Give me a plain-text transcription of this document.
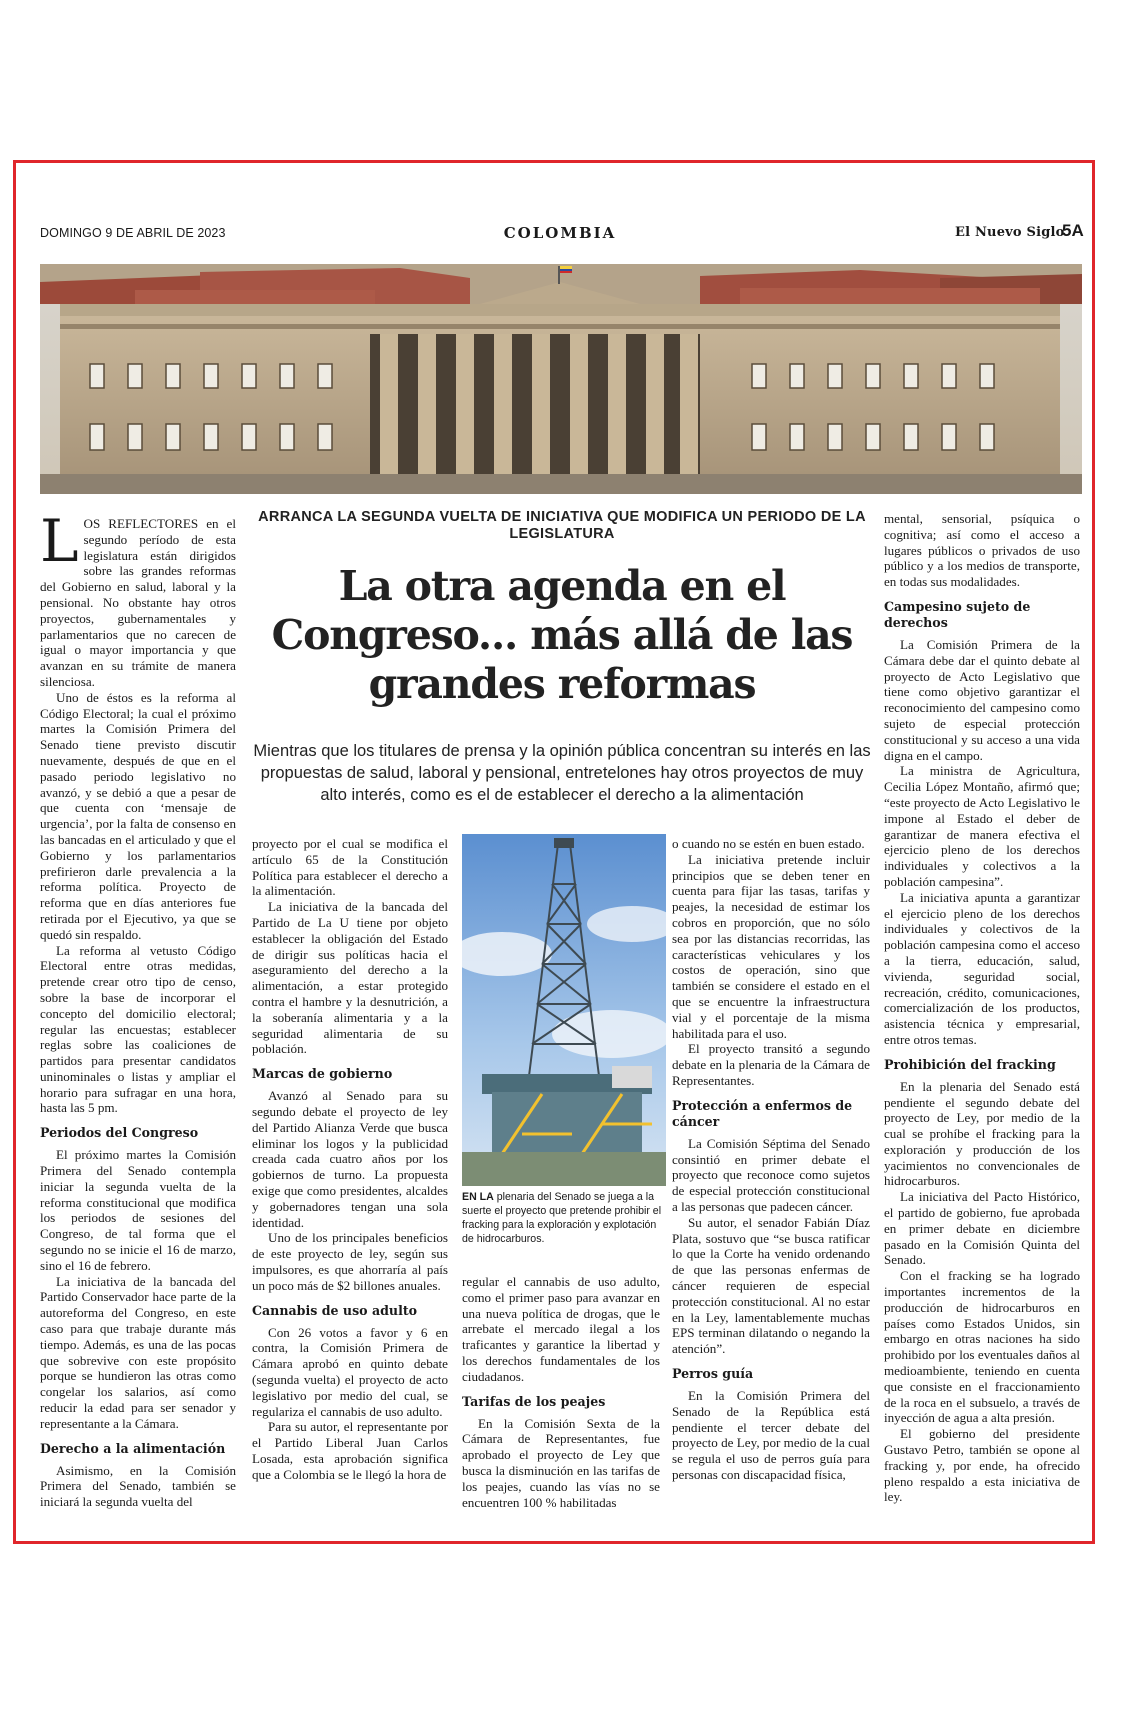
DOMINGO 9 DE ABRIL DE 2023	COLOMBIA	El Nuevo Siglo
5A

LOS REFLECTORES en el segundo período de esta legislatura están dirigidos sobre las grandes reformas del Gobierno en salud, laboral y la pensional. No obstante hay otros proyectos, gubernamentales y parlamentarios que no carecen de igual o mayor importancia y que avanzan en su trámite de manera silenciosa.

Uno de éstos es la reforma al Código Electoral; la cual el próximo martes la Comisión Primera del Senado tiene previsto discutir nuevamente, después de que en el pasado periodo legislativo no avanzó, y se debió a que a pesar de que cuenta con ‘mensaje de urgencia’, por la falta de consenso en las bancadas en el articulado y que el Gobierno y los parlamentarios prefirieron darle prevalencia a la reforma política. Proyecto de reforma que en días anteriores fue retirada por el Ejecutivo, ya que se quedó sin respaldo.

La reforma al vetusto Código Electoral entre otras medidas, pretende crear otro tipo de censo, sobre la base de incorporar el concepto del domicilio electoral; regular las encuestas; establecer reglas sobre las coaliciones de partidos para presentar candidatos uninominales o listas y ampliar el horario para sufragar en una hora, hasta las 5 pm.

Periodos del Congreso

El próximo martes la Comisión Primera del Senado contempla iniciar la segunda vuelta de la reforma constitucional que modifica los periodos de sesiones del Congreso, de tal forma que el segundo no se inicie el 16 de marzo, sino el 16 de febrero.

La iniciativa de la bancada del Partido Conservador hace parte de la autoreforma del Congreso, en este caso para que trabaje durante más tiempo. Además, es una de las pocas que sobrevive con este propósito porque se hundieron las otras como congelar los salarios, así como reducir la edad para ser senador y representante a la Cámara.

Derecho a la alimentación

Asimismo, en la Comisión Primera del Senado, también se iniciará la segunda vuelta del

ARRANCA LA SEGUNDA VUELTA DE INICIATIVA QUE MODIFICA UN PERIODO DE LA LEGISLATURA
La otra agenda en el Congreso... más allá de las grandes reformas
Mientras que los titulares de prensa y la opinión pública concentran su interés en las propuestas de salud, laboral y pensional, entretelones hay otros proyectos de muy alto interés, como es el de establecer el derecho a la alimentación

proyecto por el cual se modifica el artículo 65 de la Constitución Política para establecer el derecho a la alimentación.

La iniciativa de la bancada del Partido de La U tiene por objeto establecer la obligación del Estado de dirigir sus políticas hacia el aseguramiento del derecho a la alimentación, a estar protegido contra el hambre y la desnutrición, a la soberanía alimentaria y a la seguridad alimentaria de su población.

Marcas de gobierno

Avanzó al Senado para su segundo debate el proyecto de ley del Partido Alianza Verde que busca eliminar los logos y la publicidad creada cada cuatro años por los gobiernos de turno. La propuesta exige que como presidentes, alcaldes y gobernadores tengan una sola identidad.

Uno de los principales beneficios de este proyecto de ley, según sus impulsores, es que ahorraría al país un poco más de $2 billones anuales.

Cannabis de uso adulto

Con 26 votos a favor y 6 en contra, la Comisión Primera de Cámara aprobó en quinto debate (segunda vuelta) el proyecto de acto legislativo por medio del cual, se regulariza el cannabis de uso adulto.

Para su autor, el representante por el Partido Liberal Juan Carlos Losada, esta aprobación significa que a Colombia se le llegó la hora de

EN LA plenaria del Senado se juega a la suerte el proyecto que pretende prohibir el fracking para la exploración y explotación de hidrocarburos.

regular el cannabis de uso adulto, como el primer paso para avanzar en una nueva política de drogas, que le arrebate el mercado ilegal a los traficantes y garantice la libertad y los derechos fundamentales de los ciudadanos.

Tarifas de los peajes

En la Comisión Sexta de la Cámara de Representantes, fue aprobado el proyecto de Ley que busca la disminución en las tarifas de los peajes, cuando las vías no se encuentren 100 % habilitadas

o cuando no se estén en buen estado.

La iniciativa pretende incluir principios que se deben tener en cuenta para fijar las tasas, tarifas y peajes, la necesidad de estimar los cobros en proporción, que no sólo sea por las distancias recorridas, las características vehiculares y los costos de operación, sino que también se considere el estado en el que se encuentre la infraestructura vial y el porcentaje de la misma habilitada para el uso.

El proyecto transitó a segundo debate en la plenaria de la Cámara de Representantes.

Protección a enfermos de cáncer

La Comisión Séptima del Senado consintió en primer debate el proyecto que reconoce como sujetos de especial protección constitucional a las personas que padecen cáncer.

Su autor, el senador Fabián Díaz Plata, sostuvo que “se busca ratificar lo que la Corte ha venido ordenando de que las personas enfermas de cáncer requieren de especial protección constitucional. Al no estar en la Ley, lamentablemente muchas EPS terminan dilatando o negando la atención”.

Perros guía

En la Comisión Primera del Senado de la República está pendiente el tercer debate del proyecto de Ley, por medio de la cual se regula el uso de perros guía para personas con discapacidad física,

mental, sensorial, psíquica o cognitiva; así como el acceso a lugares públicos o privados de uso público y a los medios de transporte, en todas sus modalidades.

Campesino sujeto de derechos

La Comisión Primera de la Cámara debe dar el quinto debate al proyecto de Acto Legislativo que tiene como objetivo garantizar el reconocimiento del campesino como sujeto de especial protección constitucional y su acceso a una vida digna en el campo.

La ministra de Agricultura, Cecilia López Montaño, afirmó que; “este proyecto de Acto Legislativo le impone al Estado el deber de garantizar de manera efectiva el ejercicio pleno de los derechos individuales y colectivos a la población campesina”.

La iniciativa apunta a garantizar el ejercicio pleno de los derechos individuales y colectivos de la población campesina como el acceso a la tierra, educación, salud, vivienda, seguridad social, recreación, crédito, comunicaciones, comercialización de los productos, asistencia técnica y empresarial, entre otros temas.

Prohibición del fracking

En la plenaria del Senado está pendiente el segundo debate del proyecto de Ley, por medio de la cual se prohíbe el fracking para la exploración y producción de los yacimientos no convencionales de hidrocarburos.

La iniciativa del Pacto Histórico, el partido de gobierno, fue aprobada en primer debate en diciembre pasado en la Comisión Quinta del Senado.

Con el fracking se ha logrado importantes incrementos de la producción de hidrocarburos en países como Estados Unidos, sin embargo en otras naciones ha sido prohibido por los eventuales daños al medioambiente, teniendo en cuenta que consiste en el fraccionamiento de la roca en el subsuelo, a través de inyección de agua a alta presión.

El gobierno del presidente Gustavo Petro, también se opone al fracking y, por ende, ha ofrecido pleno respaldo a esta iniciativa de ley.
